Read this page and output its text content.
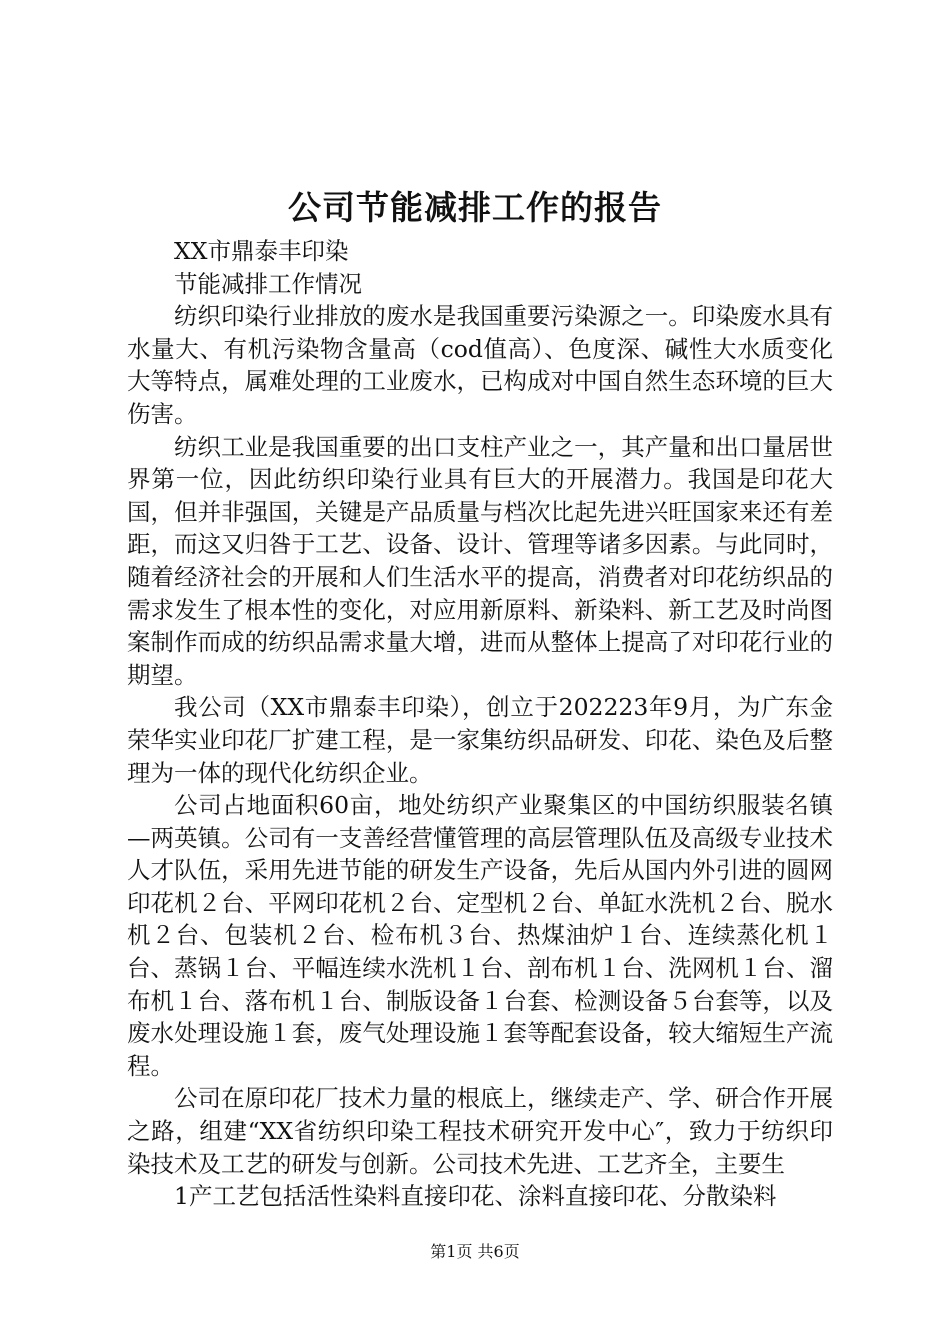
公司节能减排工作的报告

XX市鼎泰丰印染

节能减排工作情况

纺织印染行业排放的废水是我国重要污染源之一。印染废水具有水量大、有机污染物含量高（cod值高）、色度深、碱性大水质变化大等特点，属难处理的工业废水，已构成对中国自然生态环境的巨大伤害。

纺织工业是我国重要的出口支柱产业之一，其产量和出口量居世界第一位，因此纺织印染行业具有巨大的开展潜力。我国是印花大国，但并非强国，关键是产品质量与档次比起先进兴旺国家来还有差距，而这又归咎于工艺、设备、设计、管理等诸多因素。与此同时，随着经济社会的开展和人们生活水平的提高，消费者对印花纺织品的需求发生了根本性的变化，对应用新原料、新染料、新工艺及时尚图案制作而成的纺织品需求量大增，进而从整体上提高了对印花行业的期望。

我公司（XX市鼎泰丰印染），创立于202223年9月，为广东金荣华实业印花厂扩建工程，是一家集纺织品研发、印花、染色及后整理为一体的现代化纺织企业。

公司占地面积60亩，地处纺织产业聚集区的中国纺织服装名镇—两英镇。公司有一支善经营懂管理的高层管理队伍及高级专业技术人才队伍，采用先进节能的研发生产设备，先后从国内外引进的圆网印花机２台、平网印花机２台、定型机２台、单缸水洗机２台、脱水机２台、包装机２台、检布机３台、热煤油炉１台、连续蒸化机１台、蒸锅１台、平幅连续水洗机１台、剖布机１台、洗网机１台、溜布机１台、落布机１台、制版设备１台套、检测设备５台套等，以及废水处理设施１套，废气处理设施１套等配套设备，较大缩短生产流程。

公司在原印花厂技术力量的根底上，继续走产、学、研合作开展之路，组建“XX省纺织印染工程技术研究开发中心″，致力于纺织印染技术及工艺的研发与创新。公司技术先进、工艺齐全，主要生

1产工艺包括活性染料直接印花、涂料直接印花、分散染料

第1页 共6页
